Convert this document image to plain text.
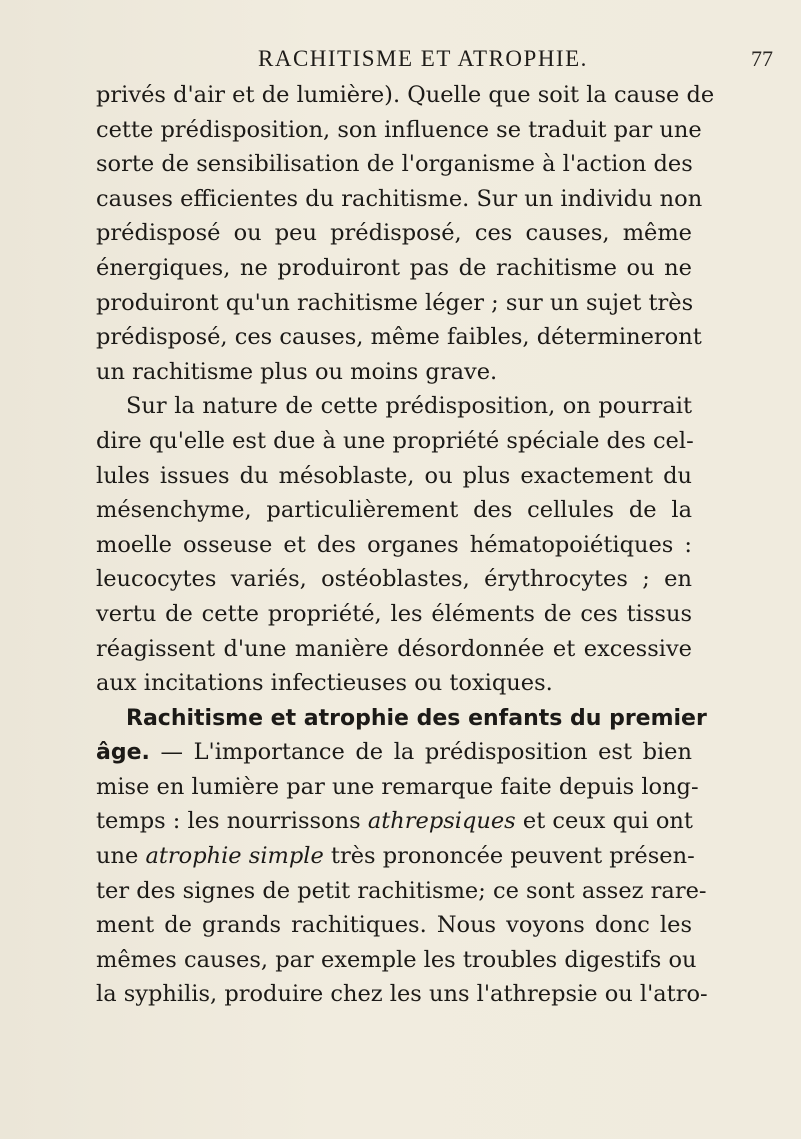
RACHITISME ET ATROPHIE.	77
privés d'air et de lumière). Quelle que soit la cause de
cette prédisposition, son influence se traduit par une
sorte de sensibilisation de l'organisme à l'action des
causes efficientes du rachitisme. Sur un individu non
prédisposé ou peu prédisposé, ces causes, même
énergiques, ne produiront pas de rachitisme ou ne
produiront qu'un rachitisme léger ; sur un sujet très
prédisposé, ces causes, même faibles, détermineront
un rachitisme plus ou moins grave.
Sur la nature de cette prédisposition, on pourrait
dire qu'elle est due à une propriété spéciale des cel-
lules issues du mésoblaste, ou plus exactement du
mésenchyme, particulièrement des cellules de la
moelle osseuse et des organes hématopoiétiques :
leucocytes variés, ostéoblastes, érythrocytes ; en
vertu de cette propriété, les éléments de ces tissus
réagissent d'une manière désordonnée et excessive
aux incitations infectieuses ou toxiques.
Rachitisme et atrophie des enfants du premier
âge. — L'importance de la prédisposition est bien
mise en lumière par une remarque faite depuis long-
temps : les nourrissons athrepsiques et ceux qui ont
une atrophie simple très prononcée peuvent présen-
ter des signes de petit rachitisme; ce sont assez rare-
ment de grands rachitiques. Nous voyons donc les
mêmes causes, par exemple les troubles digestifs ou
la syphilis, produire chez les uns l'athrepsie ou l'atro-
